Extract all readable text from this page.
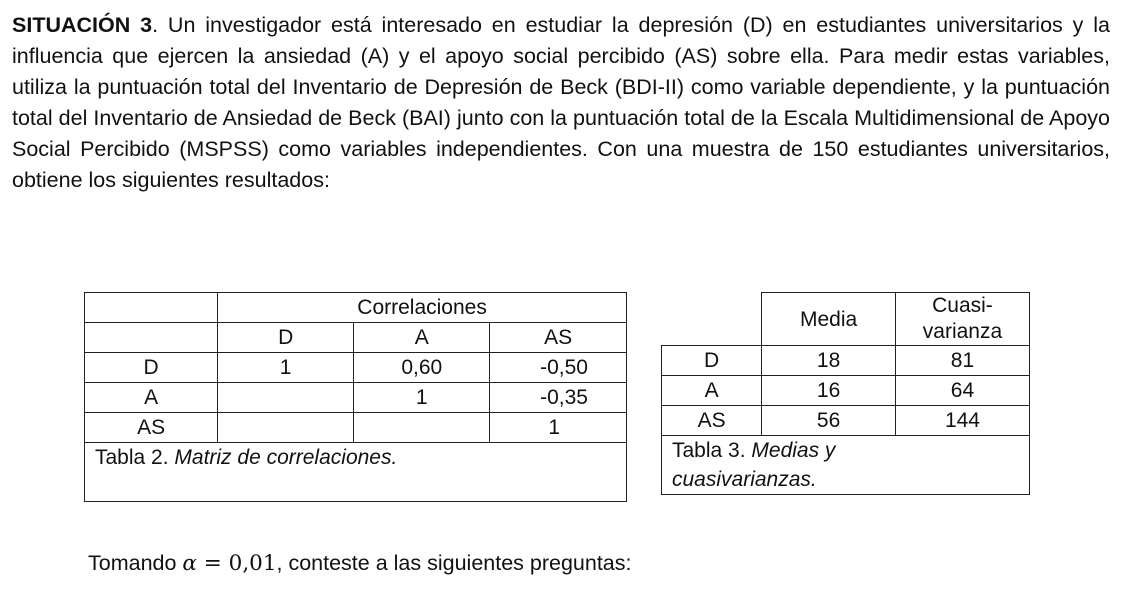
SITUACIÓN 3. Un investigador está interesado en estudiar la depresión (D) en estudiantes universitarios y la influencia que ejercen la ansiedad (A) y el apoyo social percibido (AS) sobre ella. Para medir estas variables, utiliza la puntuación total del Inventario de Depresión de Beck (BDI-II) como variable dependiente, y la puntuación total del Inventario de Ansiedad de Beck (BAI) junto con la puntuación total de la Escala Multidimensional de Apoyo Social Percibido (MSPSS) como variables independientes. Con una muestra de 150 estudiantes universitarios, obtiene los siguientes resultados:
	Correlaciones		
	D	A	AS
D	1	0,60	-0,50
A		1	-0,35
AS			1
Tabla 2. Matriz de correlaciones.			
	Media	Cuasi-
varianza
D	18	81
A	16	64
AS	56	144
Tabla 3. Medias y
cuasivarianzas.		
Tomando α = 0,01, conteste a las siguientes preguntas:
